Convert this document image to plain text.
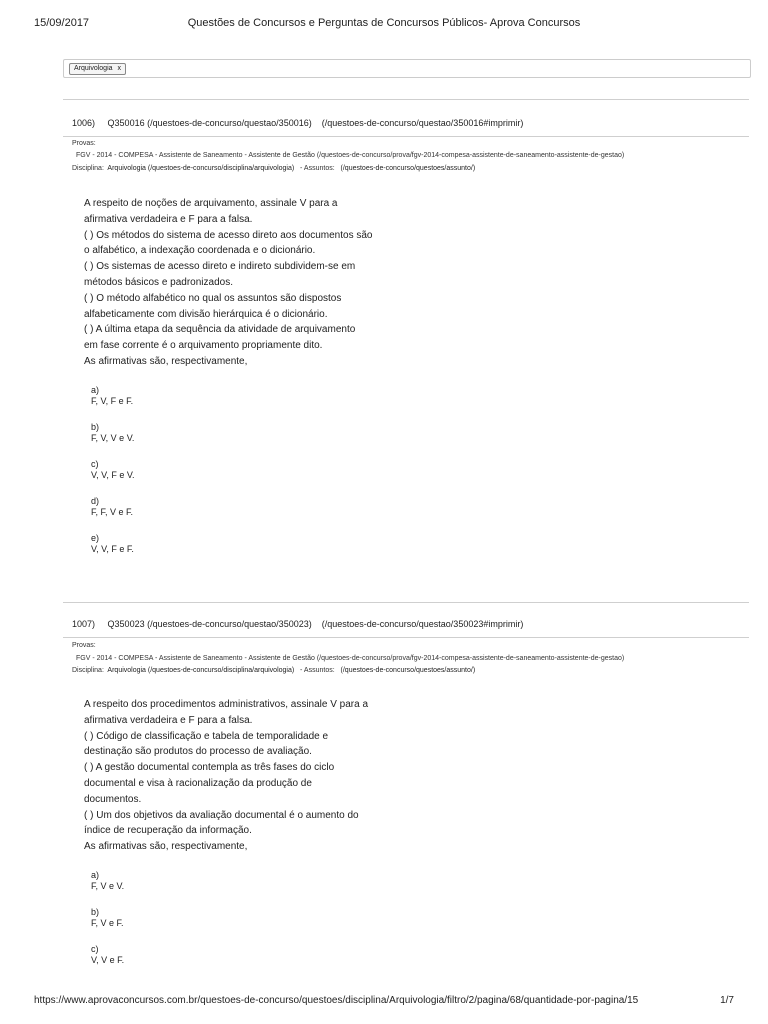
15/09/2017	Questões de Concursos e Perguntas de Concursos Públicos- Aprova Concursos
Arquivologia x
1006) Q350016 (/questoes-de-concurso/questao/350016) (/questoes-de-concurso/questao/350016#imprimir)
Provas:
FGV - 2014 - COMPESA - Assistente de Saneamento - Assistente de Gestão (/questoes-de-concurso/prova/fgv-2014-compesa-assistente-de-saneamento-assistente-de-gestao)
Disciplina: Arquivologia (/questoes-de-concurso/disciplina/arquivologia) - Assuntos: (/questoes-de-concurso/questoes/assunto/)
A respeito de noções de arquivamento, assinale V para a
afirmativa verdadeira e F para a falsa.
( ) Os métodos do sistema de acesso direto aos documentos são
o alfabético, a indexação coordenada e o dicionário.
( ) Os sistemas de acesso direto e indireto subdividem-se em
métodos básicos e padronizados.
( ) O método alfabético no qual os assuntos são dispostos
alfabeticamente com divisão hierárquica é o dicionário.
( ) A última etapa da sequência da atividade de arquivamento
em fase corrente é o arquivamento propriamente dito.
As afirmativas são, respectivamente,
a)
F, V, F e F.
b)
F, V, V e V.
c)
V, V, F e V.
d)
F, F, V e F.
e)
V, V, F e F.
1007) Q350023 (/questoes-de-concurso/questao/350023) (/questoes-de-concurso/questao/350023#imprimir)
Provas:
FGV - 2014 - COMPESA - Assistente de Saneamento - Assistente de Gestão (/questoes-de-concurso/prova/fgv-2014-compesa-assistente-de-saneamento-assistente-de-gestao)
Disciplina: Arquivologia (/questoes-de-concurso/disciplina/arquivologia) - Assuntos: (/questoes-de-concurso/questoes/assunto/)
A respeito dos procedimentos administrativos, assinale V para a
afirmativa verdadeira e F para a falsa.
( ) Código de classificação e tabela de temporalidade e
destinação são produtos do processo de avaliação.
( ) A gestão documental contempla as três fases do ciclo
documental e visa à racionalização da produção de
documentos.
( ) Um dos objetivos da avaliação documental é o aumento do
índice de recuperação da informação.
As afirmativas são, respectivamente,
a)
F, V e V.
b)
F, V e F.
c)
V, V e F.
https://www.aprovaconcursos.com.br/questoes-de-concurso/questoes/disciplina/Arquivologia/filtro/2/pagina/68/quantidade-por-pagina/15	1/7
